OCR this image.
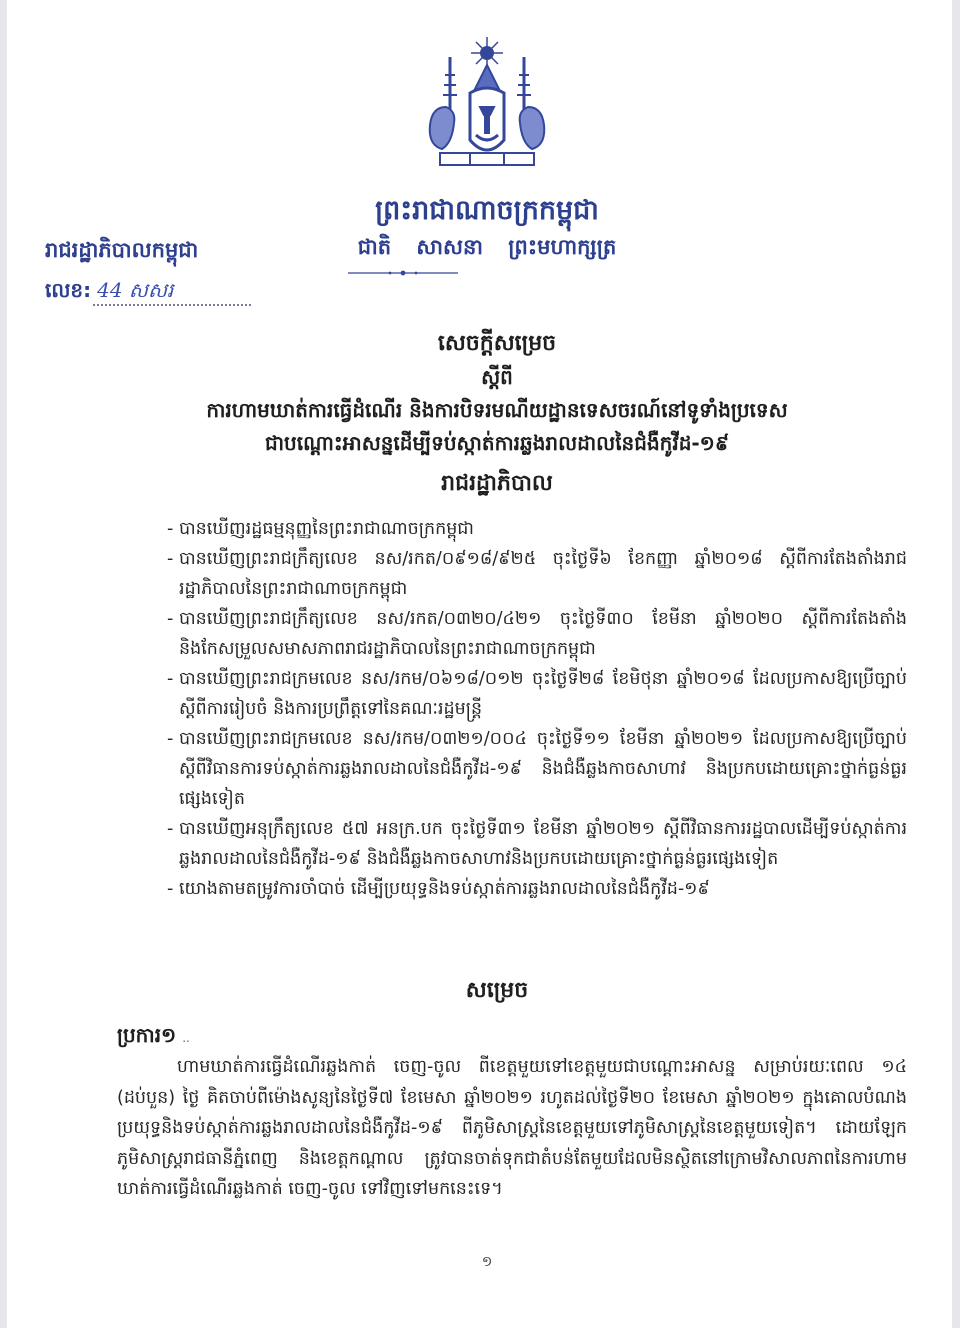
ព្រះរាជាណាចក្រកម្ពុជា
ជាតិ សាសនា ព្រះមហាក្សត្រ
រាជរដ្ឋាភិបាលកម្ពុជា
លេខ: 44 សសរ
សេចក្ដីសម្រេច
ស្ដីពី
ការហាមឃាត់ការធ្វើដំណើរ និងការបិទរមណីយដ្ឋានទេសចរណ៍នៅទូទាំងប្រទេស
ជាបណ្ដោះអាសន្នដើម្បីទប់ស្កាត់ការឆ្លងរាលដាលនៃជំងឺកូវីដ-១៩
រាជរដ្ឋាភិបាល
- បានឃើញរដ្ឋធម្មនុញ្ញនៃព្រះរាជាណាចក្រកម្ពុជា
- បានឃើញព្រះរាជក្រឹត្យលេខ នស/រកត/០៩១៨/៩២៥ ចុះថ្ងៃទី៦ ខែកញ្ញា ឆ្នាំ២០១៨ ស្ដីពីការតែងតាំងរាជរដ្ឋាភិបាលនៃព្រះរាជាណាចក្រកម្ពុជា
- បានឃើញព្រះរាជក្រឹត្យលេខ នស/រកត/០៣២០/៤២១ ចុះថ្ងៃទី៣០ ខែមីនា ឆ្នាំ២០២០ ស្ដីពីការតែងតាំង និងកែសម្រួលសមាសភាពរាជរដ្ឋាភិបាលនៃព្រះរាជាណាចក្រកម្ពុជា
- បានឃើញព្រះរាជក្រមលេខ នស/រកម/០៦១៨/០១២ ចុះថ្ងៃទី២៨ ខែមិថុនា ឆ្នាំ២០១៨ ដែលប្រកាសឱ្យប្រើច្បាប់ស្ដីពីការរៀបចំ និងការប្រព្រឹត្តទៅនៃគណៈរដ្ឋមន្ត្រី
- បានឃើញព្រះរាជក្រមលេខ នស/រកម/០៣២១/០០៤ ចុះថ្ងៃទី១១ ខែមីនា ឆ្នាំ២០២១ ដែលប្រកាសឱ្យប្រើច្បាប់ស្ដីពីវិធានការទប់ស្កាត់ការឆ្លងរាលដាលនៃជំងឺកូវីដ-១៩ និងជំងឺឆ្លងកាចសាហាវ និងប្រកបដោយគ្រោះថ្នាក់ធ្ងន់ធ្ងរផ្សេងទៀត
- បានឃើញអនុក្រឹត្យលេខ ៥៧ អនក្រ.បក ចុះថ្ងៃទី៣១ ខែមីនា ឆ្នាំ២០២១ ស្ដីពីវិធានការរដ្ឋបាលដើម្បីទប់ស្កាត់ការឆ្លងរាលដាលនៃជំងឺកូវីដ-១៩ និងជំងឺឆ្លងកាចសាហាវនិងប្រកបដោយគ្រោះថ្នាក់ធ្ងន់ធ្ងរផ្សេងទៀត
- យោងតាមតម្រូវការចាំបាច់ ដើម្បីប្រយុទ្ធនិងទប់ស្កាត់ការឆ្លងរាលដាលនៃជំងឺកូវីដ-១៩
សម្រេច
ប្រការ១ ..

ហាមឃាត់ការធ្វើដំណើរឆ្លងកាត់ ចេញ-ចូល ពីខេត្តមួយទៅខេត្តមួយជាបណ្ដោះអាសន្ន សម្រាប់រយៈពេល ១៤ (ដប់បួន) ថ្ងៃ គិតចាប់ពីម៉ោងសូន្យនៃថ្ងៃទី៧ ខែមេសា ឆ្នាំ២០២១ រហូតដល់ថ្ងៃទី២០ ខែមេសា ឆ្នាំ២០២១ ក្នុងគោលបំណងប្រយុទ្ធនិងទប់ស្កាត់ការឆ្លងរាលដាលនៃជំងឺកូវីដ-១៩ ពីភូមិសាស្ត្រនៃខេត្តមួយទៅភូមិសាស្ត្រនៃខេត្តមួយទៀត។ ដោយឡែក ភូមិសាស្ត្ររាជធានីភ្នំពេញ និងខេត្តកណ្ដាល ត្រូវបានចាត់ទុកជាតំបន់តែមួយដែលមិនស្ថិតនៅក្រោមវិសាលភាពនៃការហាមឃាត់ការធ្វើដំណើរឆ្លងកាត់ ចេញ-ចូល ទៅវិញទៅមកនេះទេ។

១
